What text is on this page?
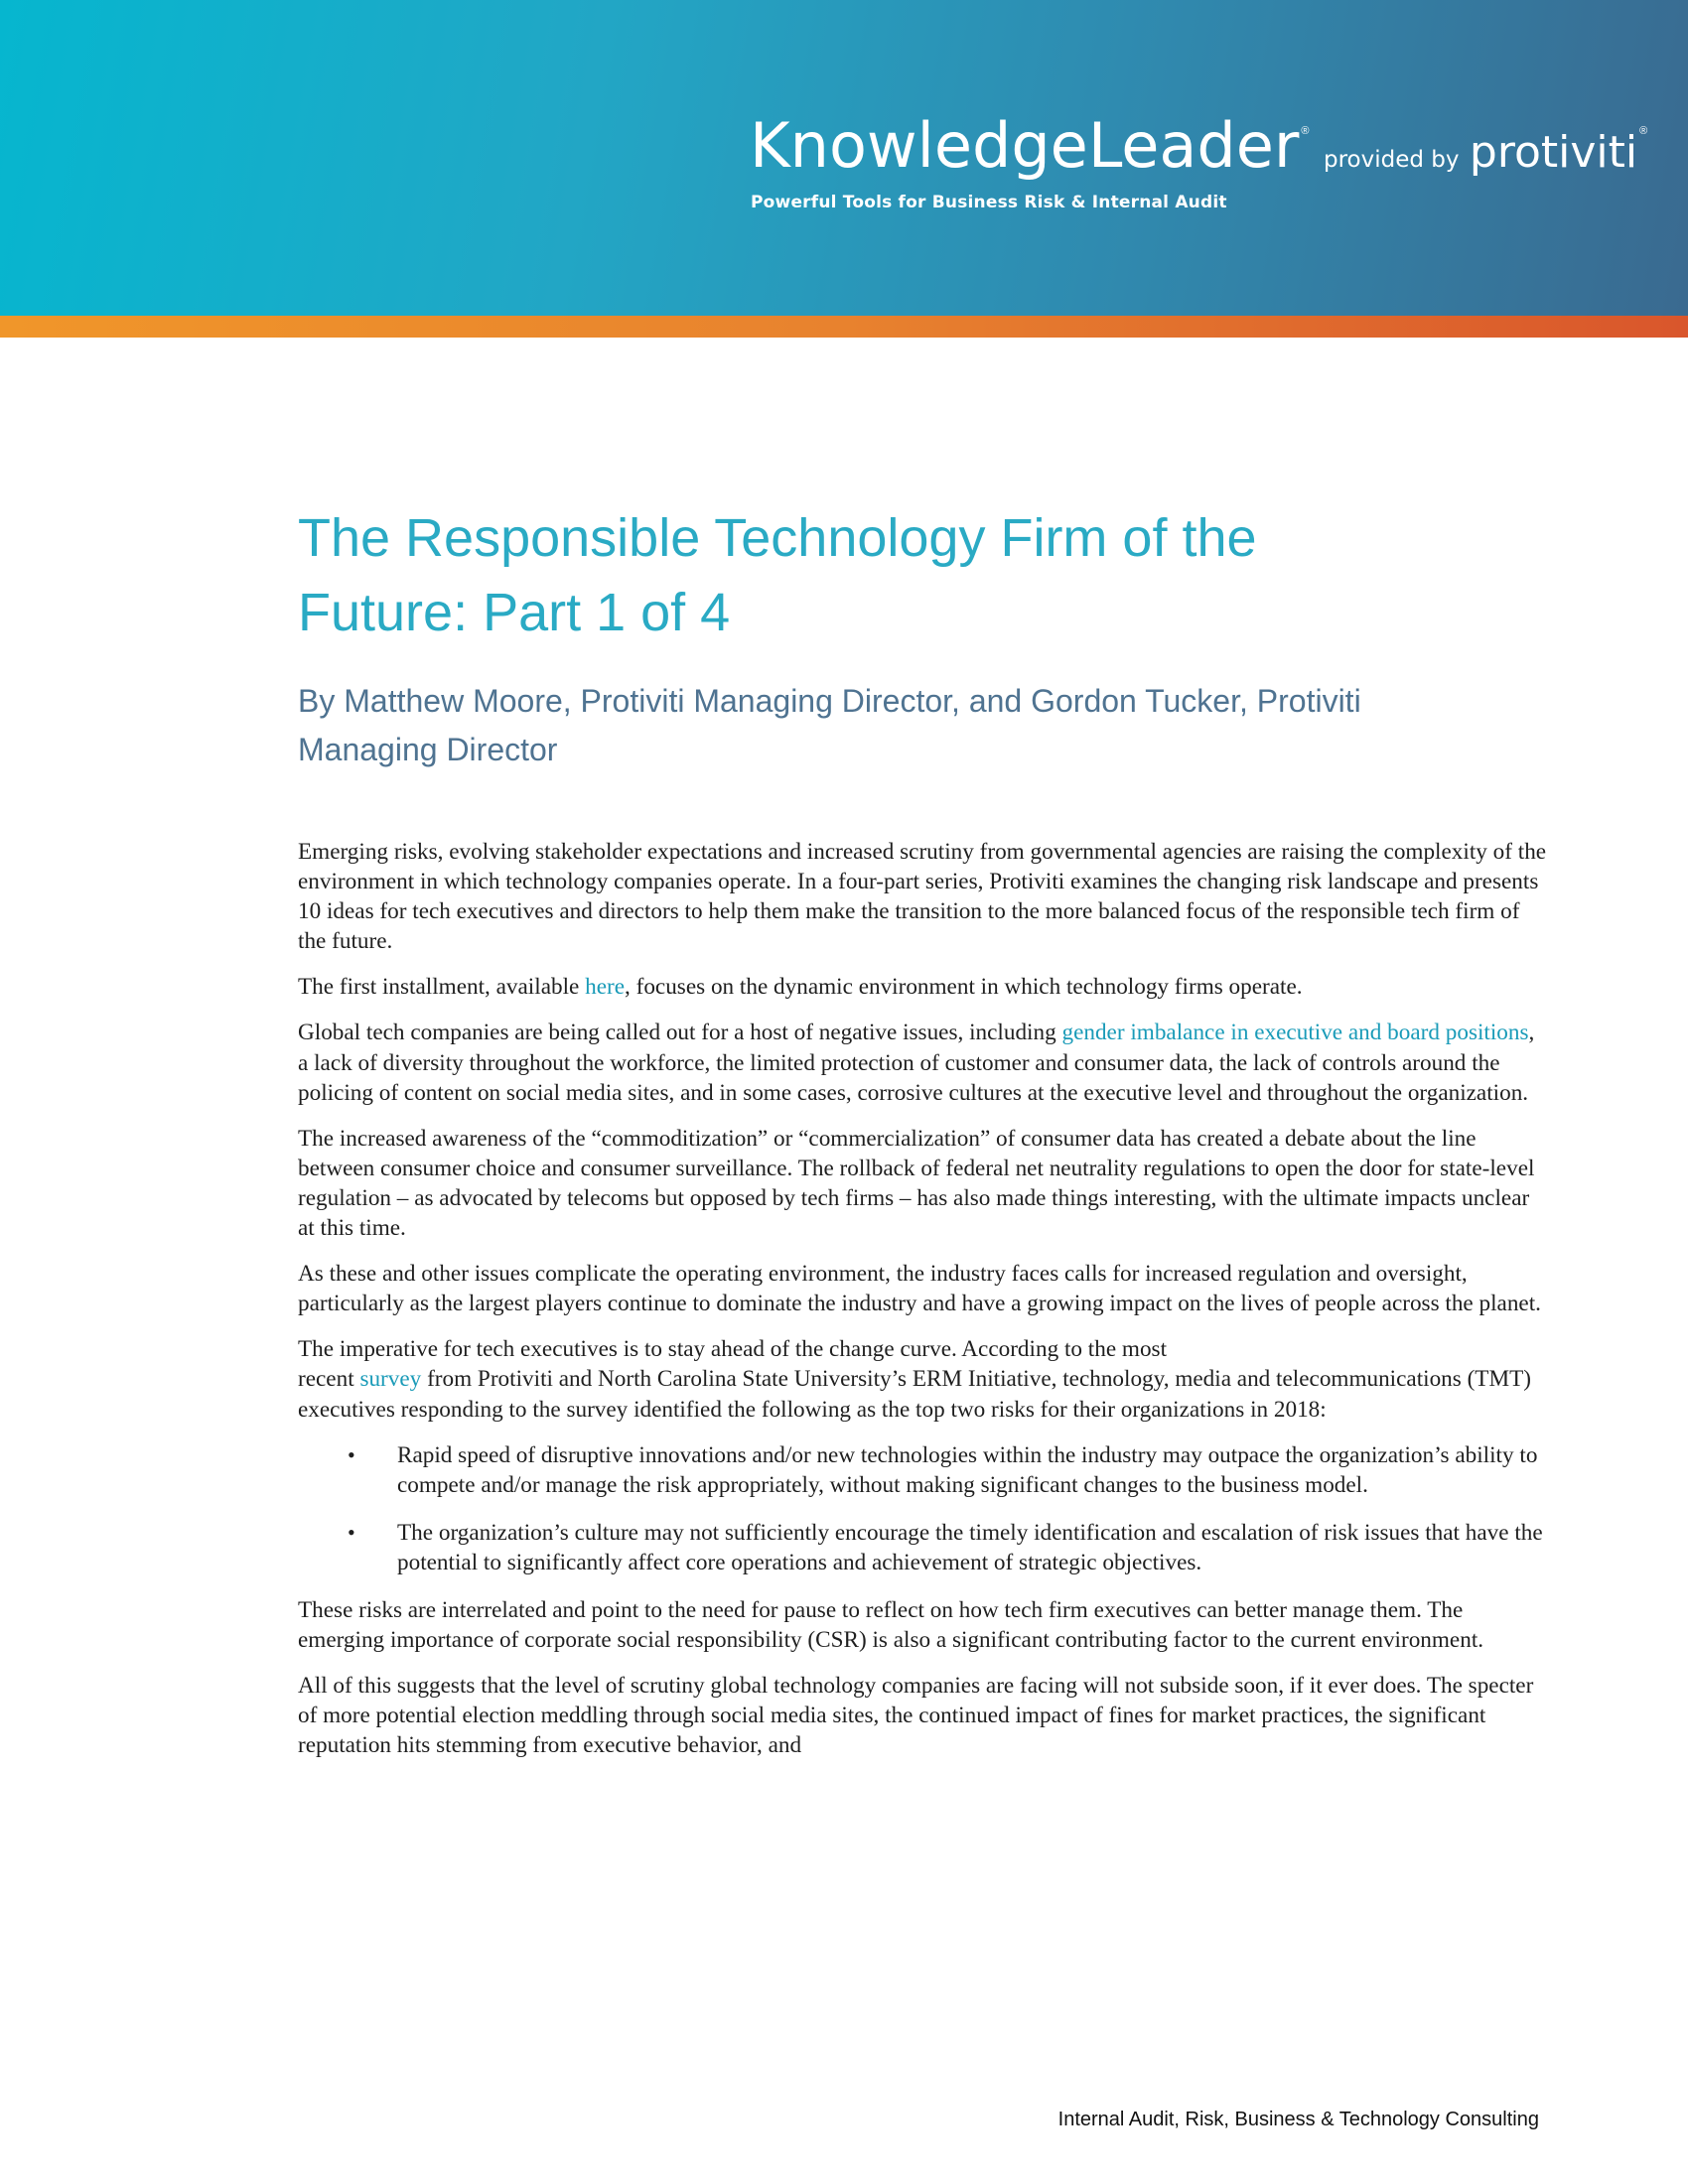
KnowledgeLeader ® provided by protiviti ®
Powerful Tools for Business Risk & Internal Audit
The Responsible Technology Firm of the
Future: Part 1 of 4
By Matthew Moore, Protiviti Managing Director, and Gordon Tucker, Protiviti
Managing Director

Emerging risks, evolving stakeholder expectations and increased scrutiny from governmental agencies are raising the complexity of the environment in which technology companies operate. In a four-part series, Protiviti examines the changing risk landscape and presents 10 ideas for tech executives and directors to help them make the transition to the more balanced focus of the responsible tech firm of the future.

The first installment, available here, focuses on the dynamic environment in which technology firms operate.

Global tech companies are being called out for a host of negative issues, including gender imbalance in executive and board positions, a lack of diversity throughout the workforce, the limited protection of customer and consumer data, the lack of controls around the policing of content on social media sites, and in some cases, corrosive cultures at the executive level and throughout the organization.

The increased awareness of the “commoditization” or “commercialization” of consumer data has created a debate about the line between consumer choice and consumer surveillance. The rollback of federal net neutrality regulations to open the door for state-level regulation – as advocated by telecoms but opposed by tech firms – has also made things interesting, with the ultimate impacts unclear at this time.

As these and other issues complicate the operating environment, the industry faces calls for increased regulation and oversight, particularly as the largest players continue to dominate the industry and have a growing impact on the lives of people across the planet.

The imperative for tech executives is to stay ahead of the change curve. According to the most
recent survey from Protiviti and North Carolina State University’s ERM Initiative, technology, media and telecommunications (TMT) executives responding to the survey identified the following as the top two risks for their organizations in 2018:

• Rapid speed of disruptive innovations and/or new technologies within the industry may outpace the organization’s ability to compete and/or manage the risk appropriately, without making significant changes to the business model.
• The organization’s culture may not sufficiently encourage the timely identification and escalation of risk issues that have the potential to significantly affect core operations and achievement of strategic objectives.

These risks are interrelated and point to the need for pause to reflect on how tech firm executives can better manage them. The emerging importance of corporate social responsibility (CSR) is also a significant contributing factor to the current environment.

All of this suggests that the level of scrutiny global technology companies are facing will not subside soon, if it ever does. The specter of more potential election meddling through social media sites, the continued impact of fines for market practices, the significant reputation hits stemming from executive behavior, and

Internal Audit, Risk, Business & Technology Consulting
